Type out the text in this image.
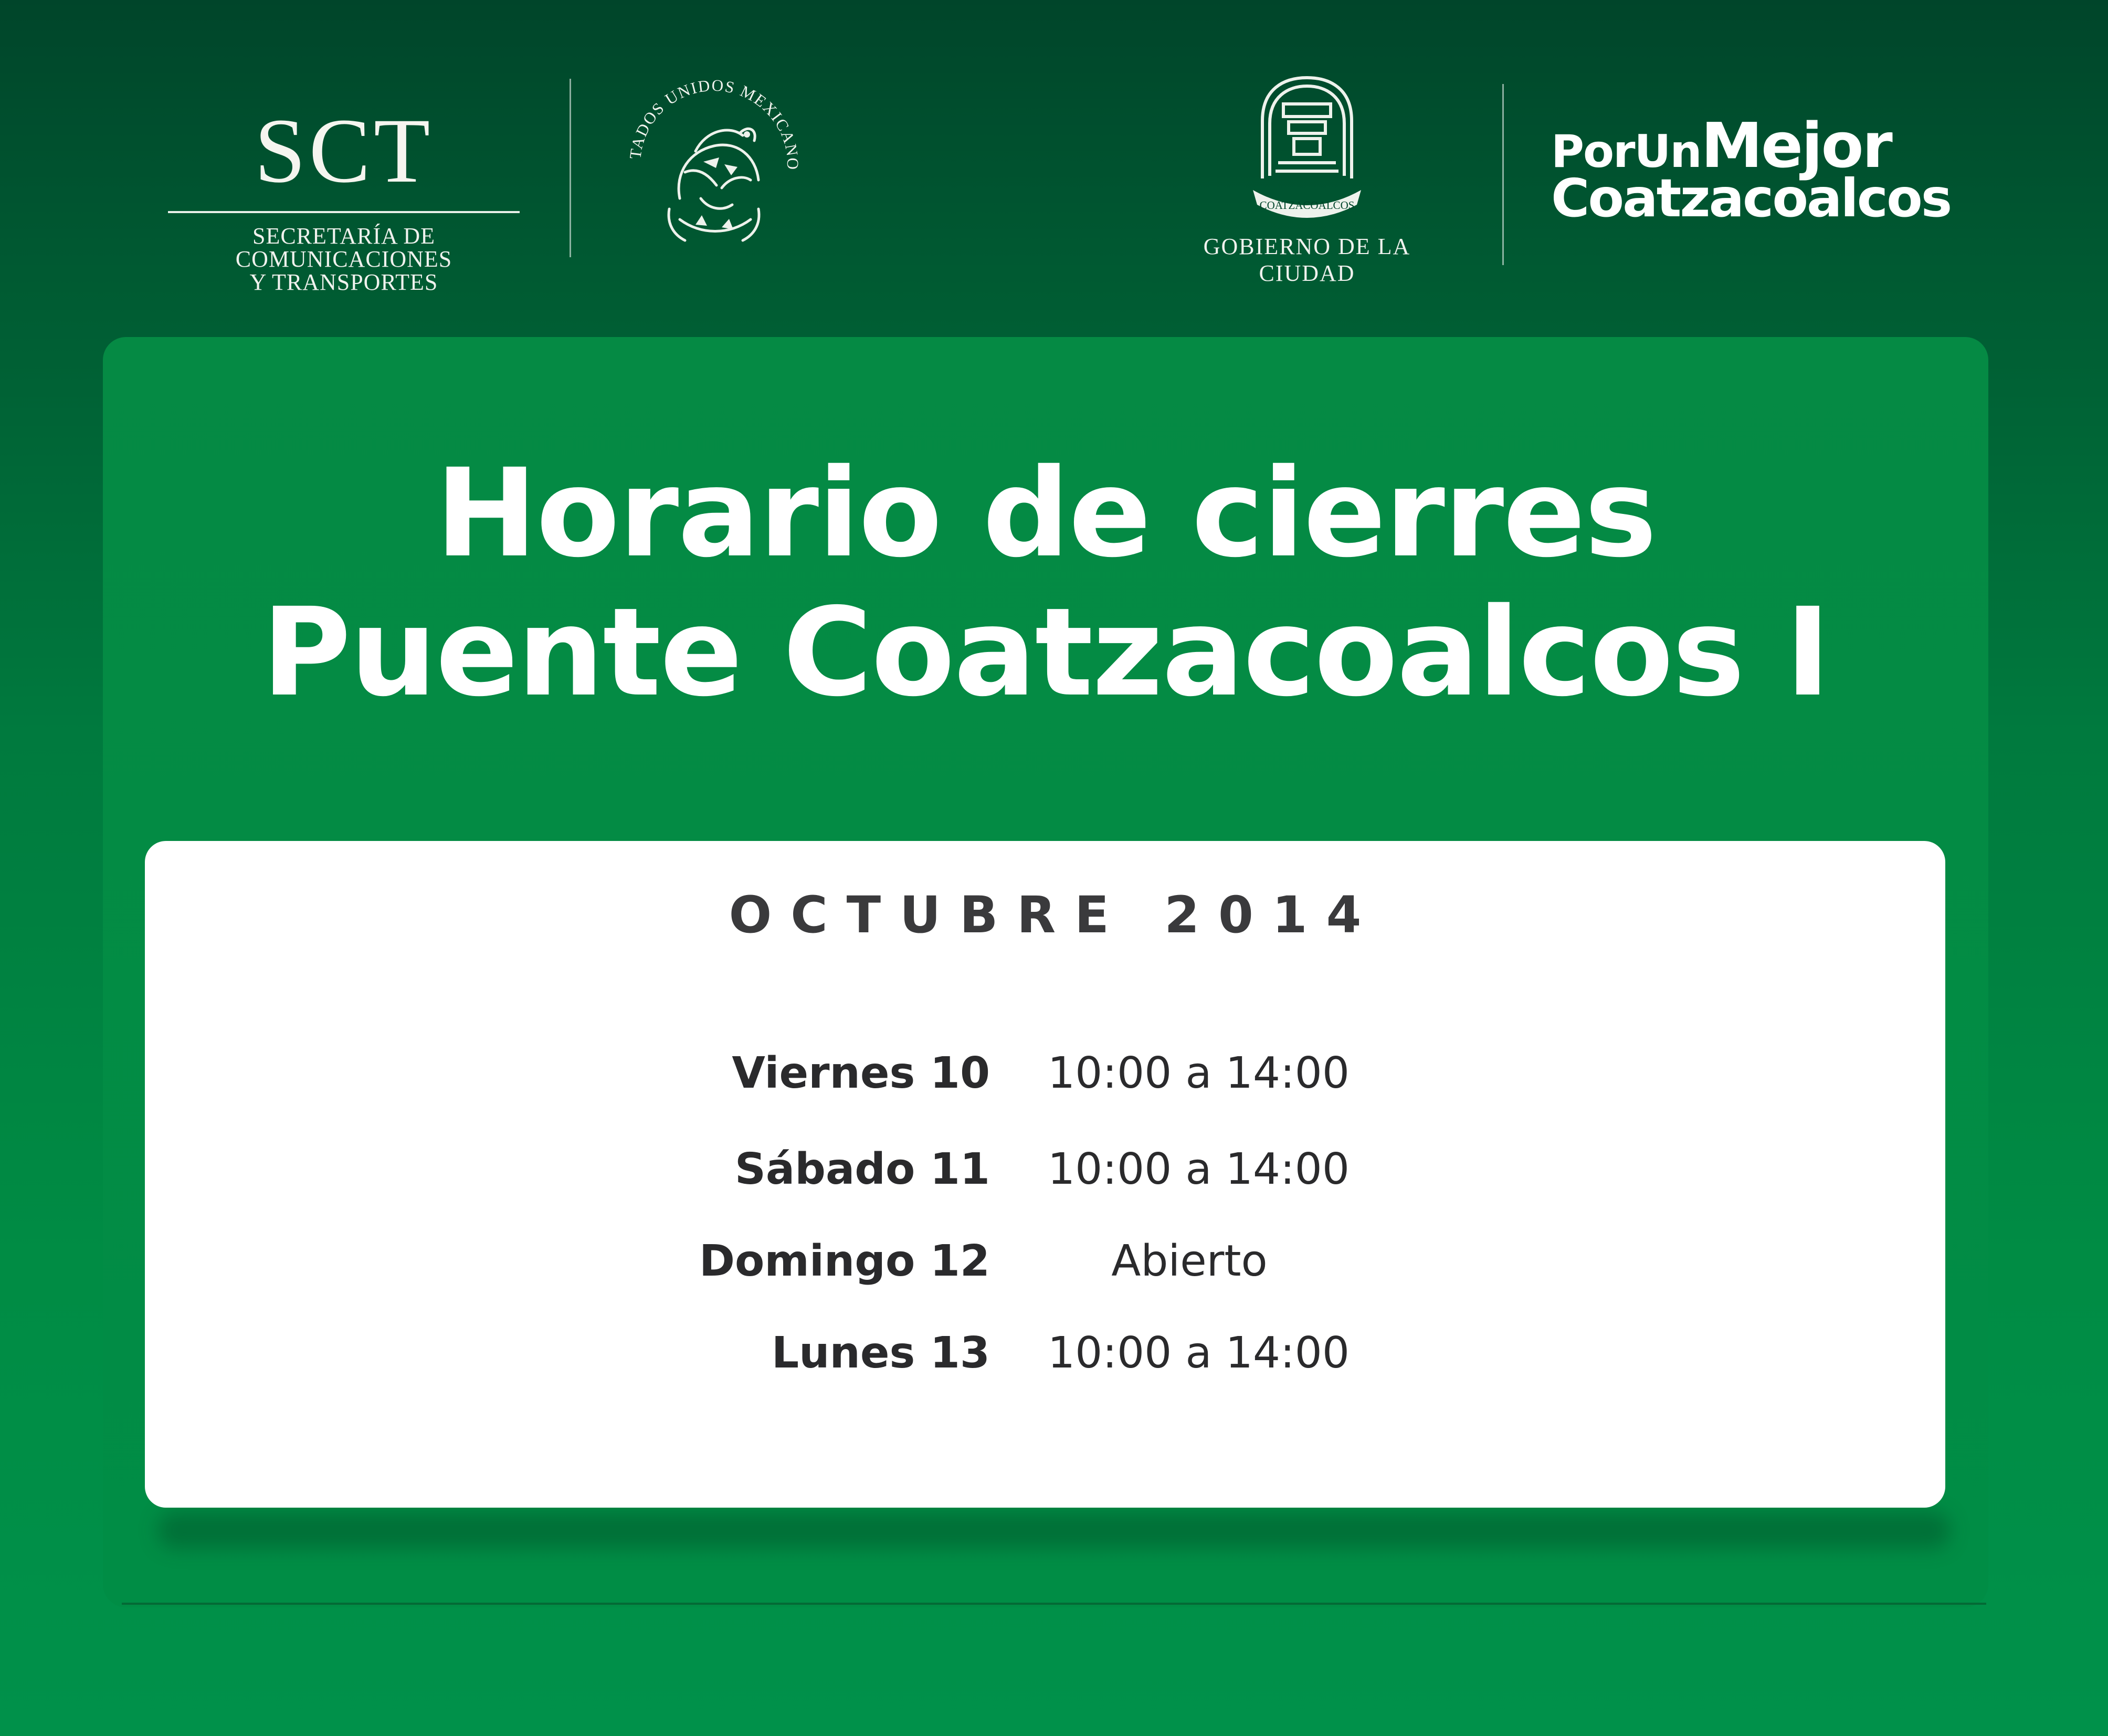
SCT
SECRETARÍA DE
COMUNICACIONES
Y TRANSPORTES
TADOS UNIDOS MEXICANO
COATZACOALCOS
GOBIERNO DE LA CIUDAD
PorUnMejor
Coatzacoalcos
Horario de cierres
Puente Coatzacoalcos I
OCTUBRE 2014
Viernes 10 10:00 a 14:00
Sábado 11 10:00 a 14:00
Domingo 12	Abierto
Lunes 13 10:00 a 14:00
